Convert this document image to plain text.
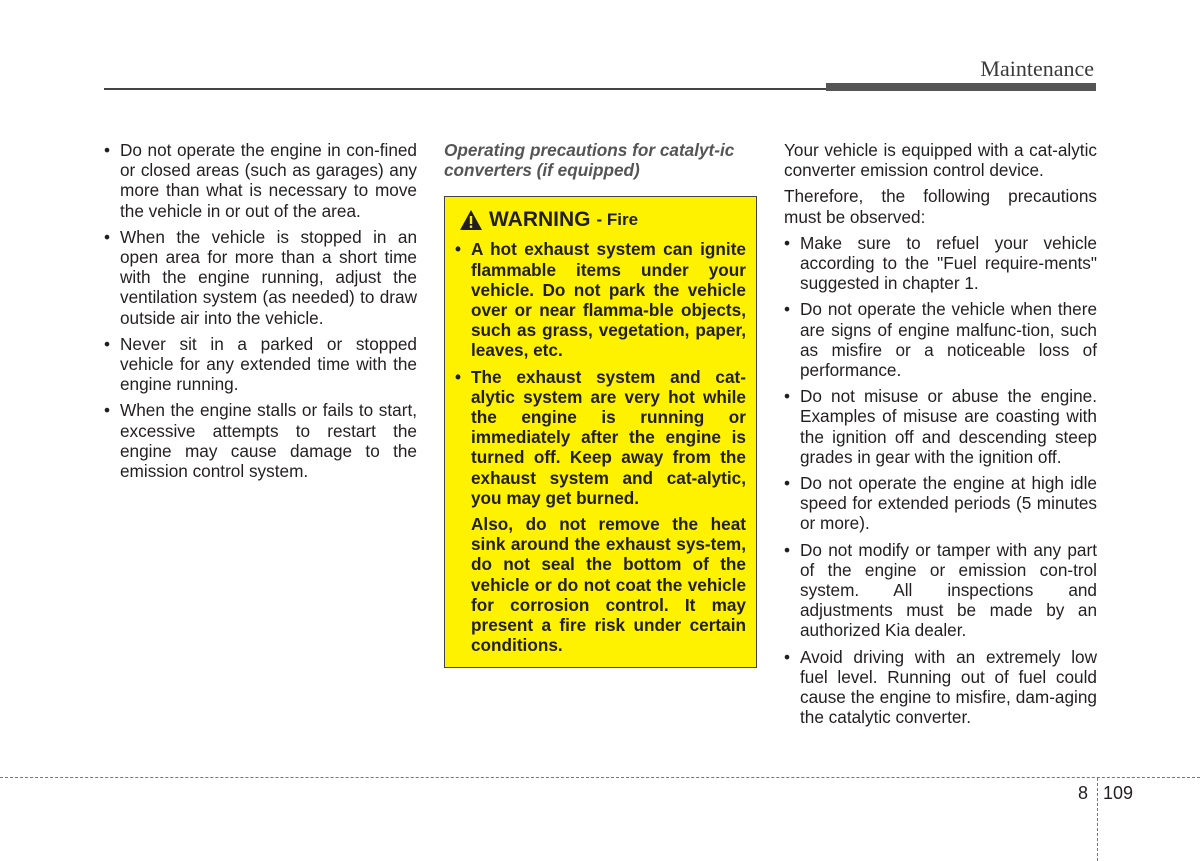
Maintenance
• Do not operate the engine in con-fined or closed areas (such as garages) any more than what is necessary to move the vehicle in or out of the area.
• When the vehicle is stopped in an open area for more than a short time with the engine running, adjust the ventilation system (as needed) to draw outside air into the vehicle.
• Never sit in a parked or stopped vehicle for any extended time with the engine running.
• When the engine stalls or fails to start, excessive attempts to restart the engine may cause damage to the emission control system.

Operating precautions for catalyt-ic converters (if equipped)

WARNING - Fire
• A hot exhaust system can ignite flammable items under your vehicle. Do not park the vehicle over or near flamma-ble objects, such as grass, vegetation, paper, leaves, etc.
• The exhaust system and cat-alytic system are very hot while the engine is running or immediately after the engine is turned off. Keep away from the exhaust system and cat-alytic, you may get burned.

Also, do not remove the heat sink around the exhaust sys-tem, do not seal the bottom of the vehicle or do not coat the vehicle for corrosion control. It may present a fire risk under certain conditions.

Your vehicle is equipped with a cat-alytic converter emission control device.

Therefore, the following precautions must be observed:

• Make sure to refuel your vehicle according to the "Fuel require-ments" suggested in chapter 1.
• Do not operate the vehicle when there are signs of engine malfunc-tion, such as misfire or a noticeable loss of performance.
• Do not misuse or abuse the engine. Examples of misuse are coasting with the ignition off and descending steep grades in gear with the ignition off.
• Do not operate the engine at high idle speed for extended periods (5 minutes or more).
• Do not modify or tamper with any part of the engine or emission con-trol system. All inspections and adjustments must be made by an authorized Kia dealer.
• Avoid driving with an extremely low fuel level. Running out of fuel could cause the engine to misfire, dam-aging the catalytic converter.
8 109
